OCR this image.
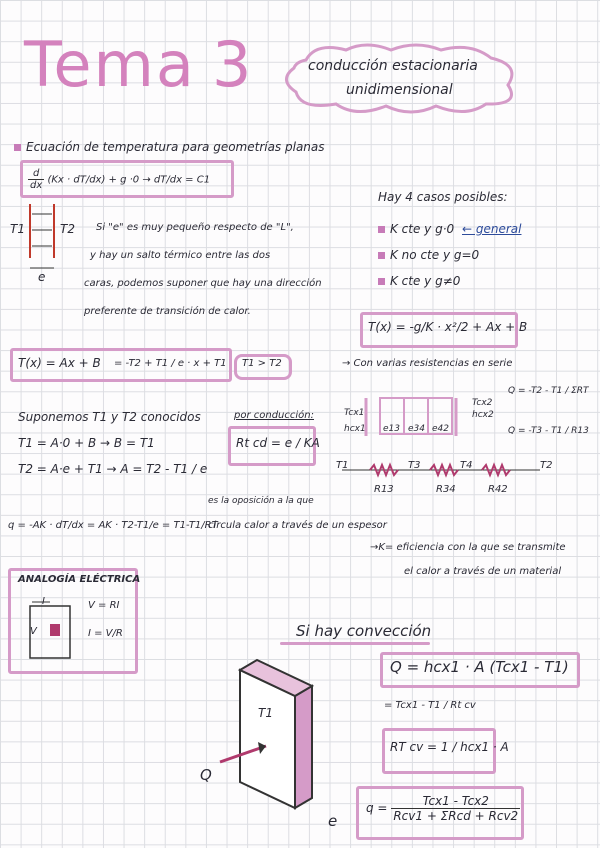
Tema 3	conducción estacionaria
unidimensional
Ecuación de temperatura para geometrías planas
$\frac{d}{dx} (Kx \cdot dT/dx) + g \cdot 0 \to dT/dx = C1$
T1	T2
e
Si "e" es muy pequeño respecto de "L",
y hay un salto térmico entre las dos
caras, podemos suponer que hay una dirección
preferente de transición de calor.
Hay 4 casos posibles:
K cte y g·0 ← general
K no cte y g=0
K cte y g≠0
T(x) = -g/K · x²/2 + Ax + B
T(x) = Ax + B = -T2 + T1 / e · x + T1 T1 > T2	→ Con varias resistencias en serie
Suponemos T1 y T2 conocidos
T1 = A·0 + B → B = T1
T2 = A·e + T1 → A = T2 - T1 / e
q = -AK · dT/dx = AK · T2-T1/e = T1-T1/RT
por conducción:
Rt cd = e / KA
es la oposición a la que
circula calor a través de un espesor
→K= eficiencia con la que se transmite
el calor a través de un material
Tcx1
hcx1 e13 e34 e42
Tcx2
hcx2
T1	T3	T4	T2
R13	R34	R42
Q = -T2 - T1 / ΣRT
Q = -T3 - T1 / R13
ANALOGÍA ELÉCTRICA
I
V
V = RI
I = V/R	Si hay convección
Q = hcx1 · A (Tcx1 - T1)
= Tcx1 - T1 / Rt cv
RT cv = 1 / hcx1 · A
$q = \frac{\text{Tcx1 - Tcx2}}{\text{Rcv1 + ΣRcd + Rcv2}}$
T1
Q
e
